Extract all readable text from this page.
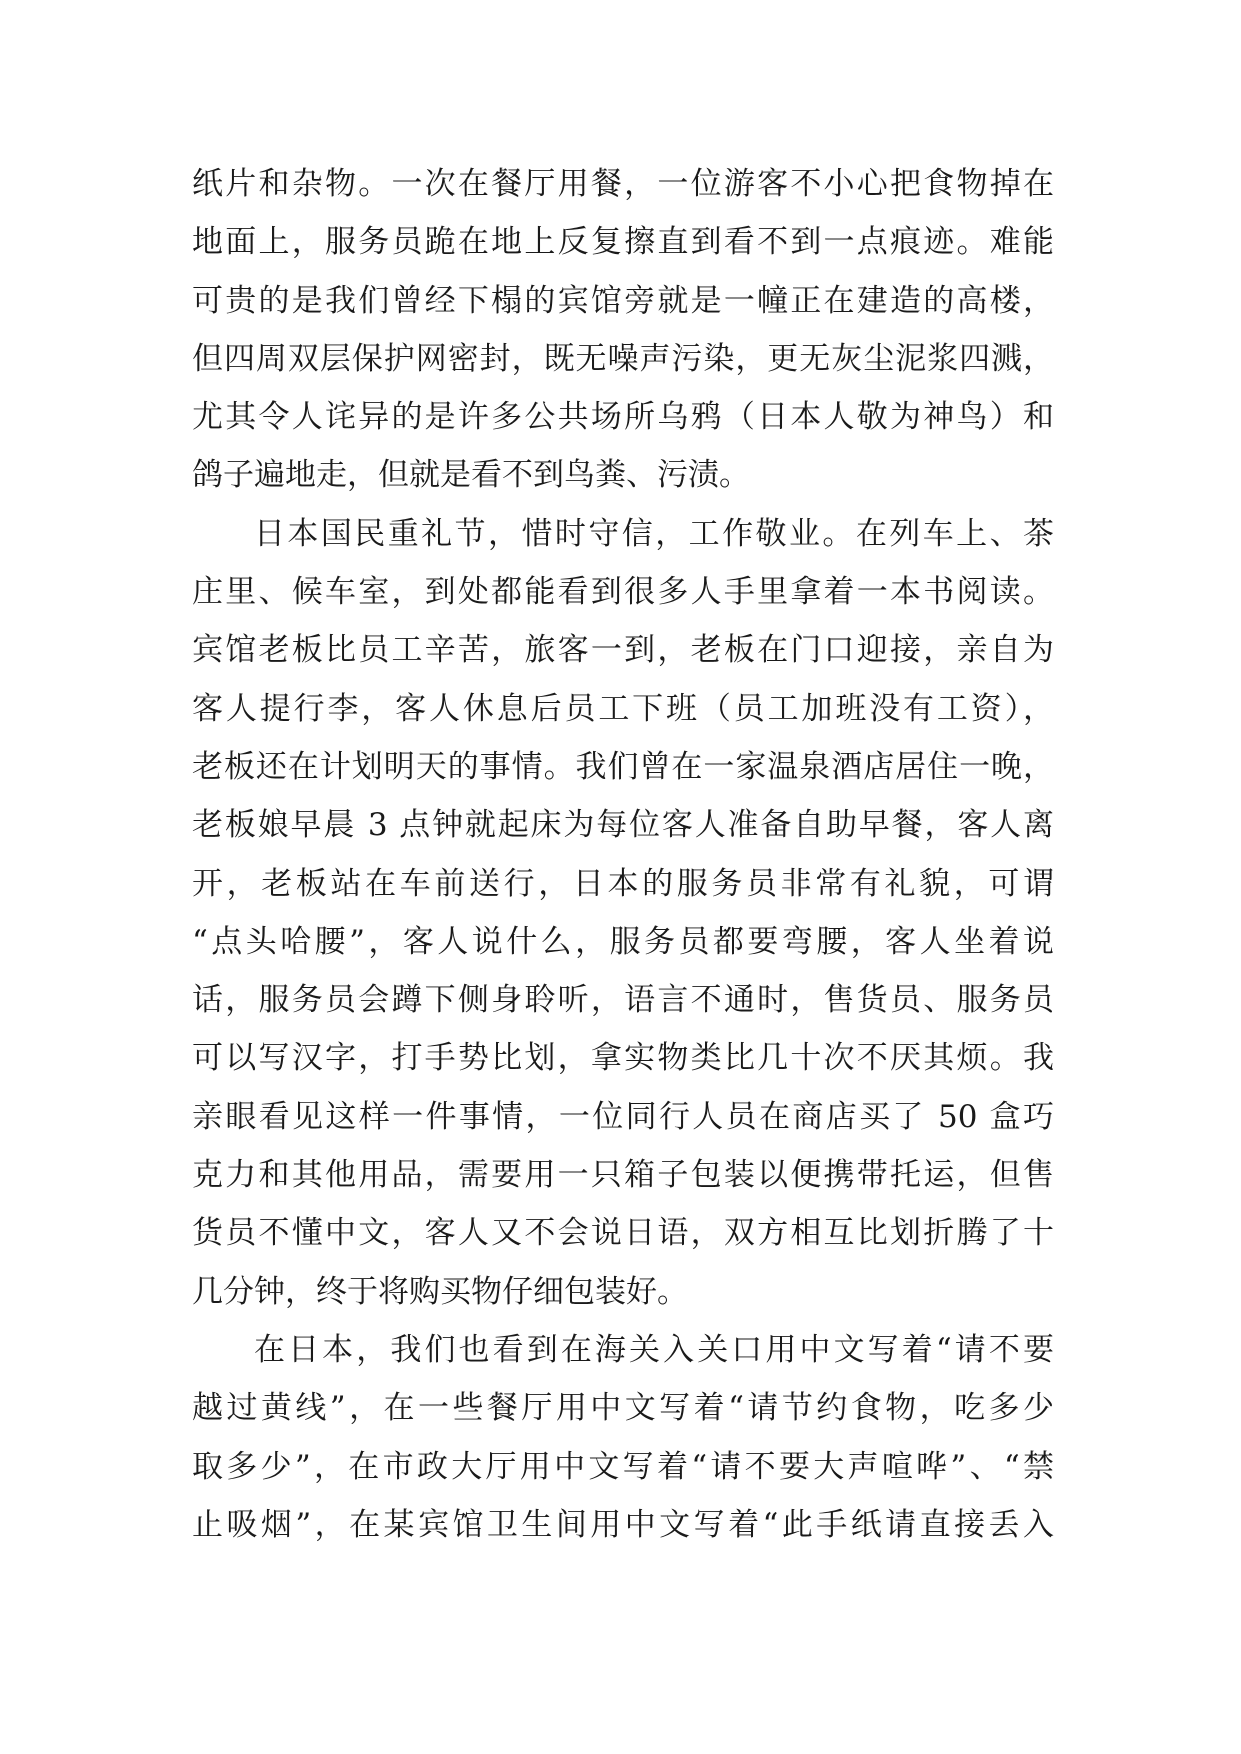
纸片和杂物。一次在餐厅用餐，一位游客不小心把食物掉在
地面上，服务员跪在地上反复擦直到看不到一点痕迹。难能
可贵的是我们曾经下榻的宾馆旁就是一幢正在建造的高楼，
但四周双层保护网密封，既无噪声污染，更无灰尘泥浆四溅，
尤其令人诧异的是许多公共场所乌鸦（日本人敬为神鸟）和
鸽子遍地走，但就是看不到鸟粪、污渍。
日本国民重礼节，惜时守信，工作敬业。在列车上、茶
庄里、候车室，到处都能看到很多人手里拿着一本书阅读。
宾馆老板比员工辛苦，旅客一到，老板在门口迎接，亲自为
客人提行李，客人休息后员工下班（员工加班没有工资），
老板还在计划明天的事情。我们曾在一家温泉酒店居住一晚，
老板娘早晨 3 点钟就起床为每位客人准备自助早餐，客人离
开，老板站在车前送行，日本的服务员非常有礼貌，可谓
“点头哈腰”，客人说什么，服务员都要弯腰，客人坐着说
话，服务员会蹲下侧身聆听，语言不通时，售货员、服务员
可以写汉字，打手势比划，拿实物类比几十次不厌其烦。我
亲眼看见这样一件事情，一位同行人员在商店买了 50 盒巧
克力和其他用品，需要用一只箱子包装以便携带托运，但售
货员不懂中文，客人又不会说日语，双方相互比划折腾了十
几分钟，终于将购买物仔细包装好。
在日本，我们也看到在海关入关口用中文写着“请不要
越过黄线”，在一些餐厅用中文写着“请节约食物，吃多少
取多少”，在市政大厅用中文写着“请不要大声喧哗”、“禁
止吸烟”，在某宾馆卫生间用中文写着“此手纸请直接丢入
